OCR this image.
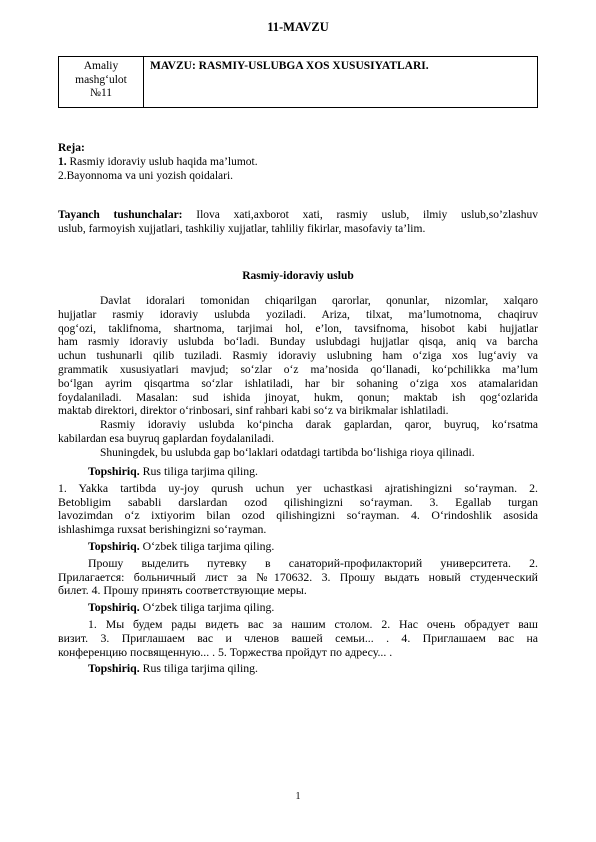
11-MAVZU
Amaliy
mashg‘ulot
№11
	MAVZU: RASMIY-USLUBGA XOS XUSUSIYATLARI.

Reja:

1. Rasmiy idoraviy uslub haqida ma’lumot.

2.Bayonnoma va uni yozish qoidalari.

Tayanch tushunchalar: Ilova xati,axborot xati, rasmiy uslub, ilmiy uslub,so’zlashuv

uslub, farmoyish xujjatlari, tashkiliy xujjatlar, tahliliy fikirlar, masofaviy ta’lim.

Rasmiy-idoraviy uslub

Davlat idoralari tomonidan chiqarilgan qarorlar, qonunlar, nizomlar, xalqaro

hujjatlar rasmiy idoraviy uslubda yoziladi. Ariza, tilxat, ma’lumotnoma, chaqiruv

qog‘ozi, taklifnoma, shartnoma, tarjimai hol, e’lon, tavsifnoma, hisobot kabi hujjatlar

ham rasmiy idoraviy uslubda bo‘ladi. Bunday uslubdagi hujjatlar qisqa, aniq va barcha

uchun tushunarli qilib tuziladi. Rasmiy idoraviy uslubning ham o‘ziga xos lug‘aviy va

grammatik xususiyatlari mavjud; so‘zlar o‘z ma’nosida qo‘llanadi, ko‘pchilikka ma’lum

bo‘lgan ayrim qisqartma so‘zlar ishlatiladi, har bir sohaning o‘ziga xos atamalaridan

foydalaniladi. Masalan: sud ishida jinoyat, hukm, qonun; maktab ish qog‘ozlarida

maktab direktori, direktor o‘rinbosari, sinf rahbari kabi so‘z va birikmalar ishlatiladi.

Rasmiy idoraviy uslubda ko‘pincha darak gaplardan, qaror, buyruq, ko‘rsatma

kabilardan esa buyruq gaplardan foydalaniladi.

Shuningdek, bu uslubda gap bo‘laklari odatdagi tartibda bo‘lishiga rioya qilinadi.

Topshiriq. Rus tiliga tarjima qiling.

1. Yakka tartibda uy-joy qurush uchun yer uchastkasi ajratishingizni so‘rayman. 2.

Betobligim sababli darslardan ozod qilishingizni so‘rayman. 3. Egallab turgan

lavozimdan o‘z ixtiyorim bilan ozod qilishingizni so‘rayman. 4. O‘rindoshlik asosida

ishlashimga ruxsat berishingizni so‘rayman.

Topshiriq. O‘zbek tiliga tarjima qiling.

Прошу выделить путевку в санаторий-профилакторий университета. 2.

Прилагается: больничный лист за №170632. 3. Прошу выдать новый студенческий

билет. 4. Прошу принять соответствующие меры.

Topshiriq. O‘zbek tiliga tarjima qiling.

1. Мы будем рады видеть вас за нашим столом. 2. Нас очень обрадует ваш

визит. 3. Приглашаем вас и членов вашей семьи... . 4. Приглашаем вас на

конференцию посвященную... . 5. Торжества пройдут по адресу... .

Topshiriq. Rus tiliga tarjima qiling.

1
